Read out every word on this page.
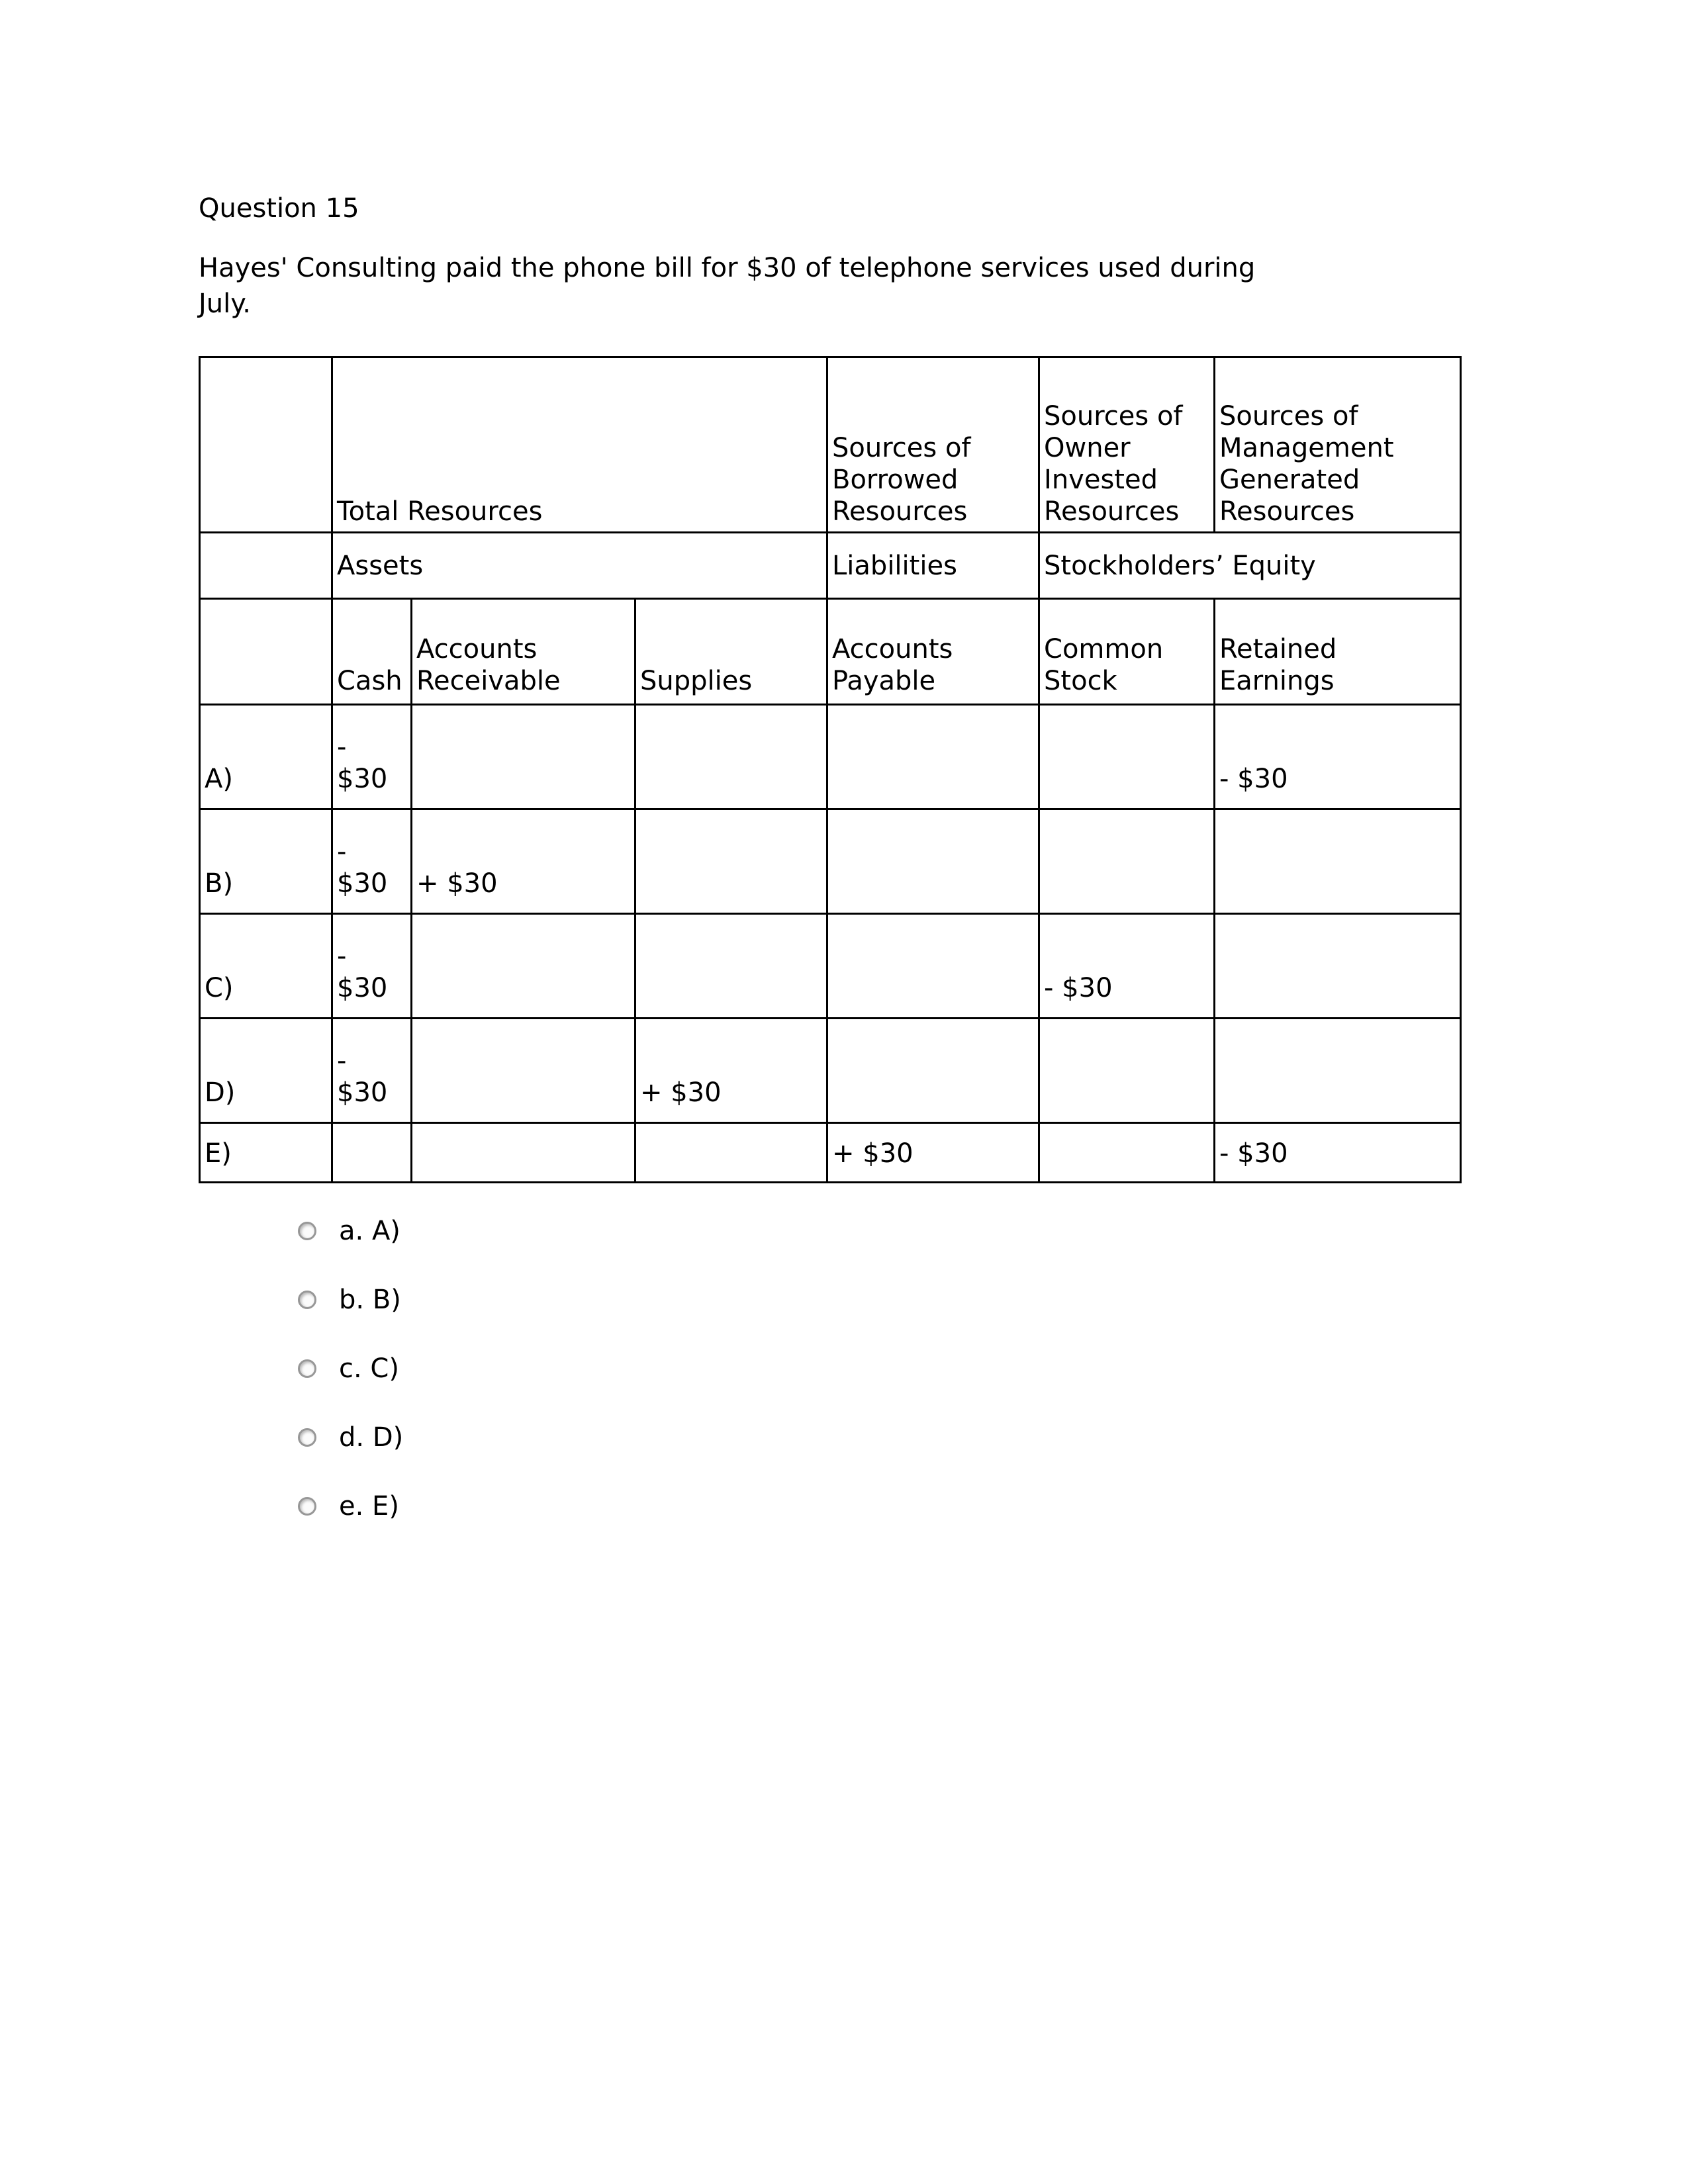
Question 15
Hayes' Consulting paid the phone bill for $30 of telephone services used during July.
	Total Resources			Sources of Borrowed Resources	Sources of Owner Invested Resources	Sources of Management Generated Resources
	Assets			Liabilities	Stockholders’ Equity	
	Cash	Accounts Receivable	Supplies	Accounts Payable	Common Stock	Retained Earnings
A)	- $30					- $30
B)	- $30	+ $30				
C)	- $30				- $30	
D)	- $30		+ $30			
E)				+ $30		- $30
a. A)
b. B)
c. C)
d. D)
e. E)
